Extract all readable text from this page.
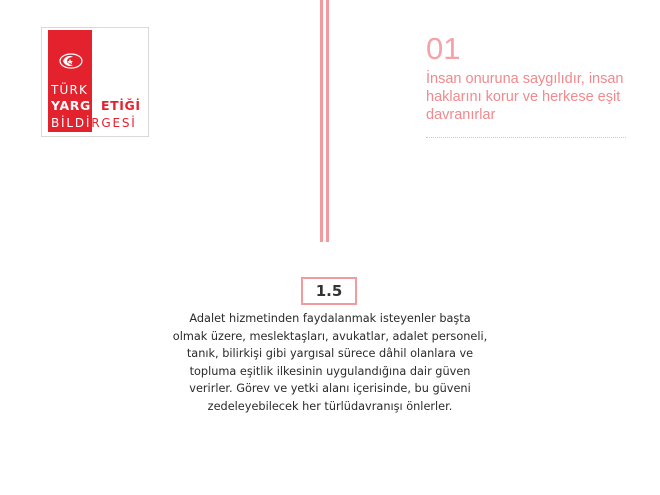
TÜRK
YARGI ETİĞİ
BİLDİRGESİ
01
İnsan onuruna saygılıdır, insan
haklarını korur ve herkese eşit
davranırlar
1.5
Adalet hizmetinden faydalanmak isteyenler başta
olmak üzere, meslektaşları, avukatlar, adalet personeli,
tanık, bilirkişi gibi yargısal sürece dâhil olanlara ve
topluma eşitlik ilkesinin uygulandığına dair güven
verirler. Görev ve yetki alanı içerisinde, bu güveni
zedeleyebilecek her türlüdavranışı önlerler.
